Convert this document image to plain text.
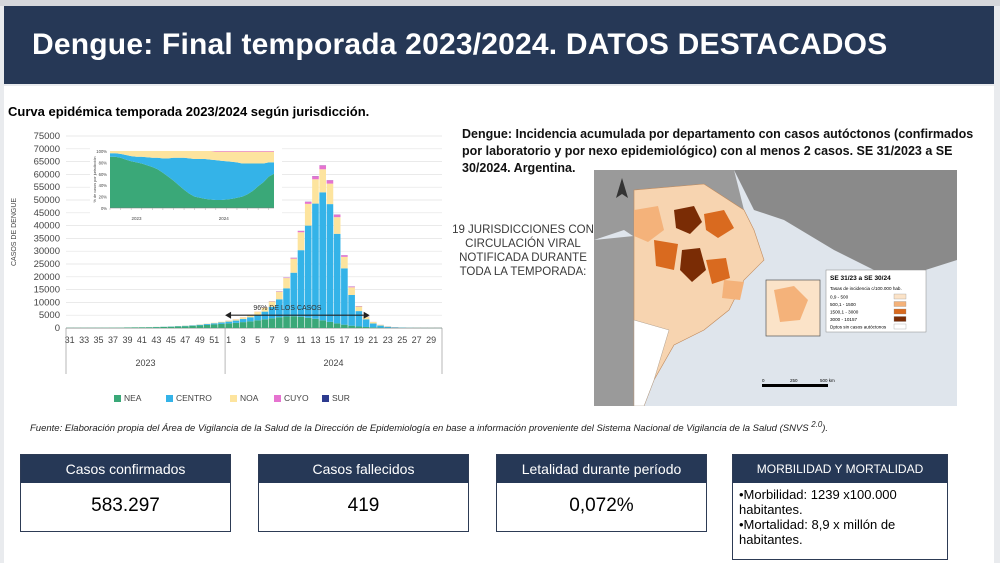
Dengue: Final temporada 2023/2024. DATOS DESTACADOS
Curva epidémica temporada 2023/2024 según jurisdicción.
0
5000
10000
15000
20000
25000
30000
35000
40000
45000
50000
55000
60000
65000
70000
75000
CASOS DE DENGUE
31 33 35 37 39 41 43 45 47 49 51 1 3 5 7 9 11 13 15 17 19 21 23 25 27 29
2023	2024
96% DE LOS CASOS
NEA	CENTRO	NOA	CUYO	SUR
0%
20%
40%
60%
80%
100%
% de casos por jurisdicción
2023	2024
Dengue: Incidencia acumulada por departamento con casos autóctonos (confirmados por laboratorio y por nexo epidemiológico) con al menos 2 casos. SE 31/2023 a SE 30/2024. Argentina.
19 JURISDICCIONES CON CIRCULACIÓN VIRAL NOTIFICADA DURANTE TODA LA TEMPORADA:
SE 31/23 a SE 30/24
Tasas de incidencia c/100.000 hab.
0,9 - 500
500,1 - 1500
1500,1 - 3000
3000 - 10157
Dptos sin casos autóctonos
0	250	500 km
Fuente: Elaboración propia del Área de Vigilancia de la Salud de la Dirección de Epidemiología en base a información proveniente del Sistema Nacional de Vigilancia de la Salud (SNVS $^{2.0}$).
Casos confirmados
583.297
Casos fallecidos
419
Letalidad durante período
0,072%
MORBILIDAD Y MORTALIDAD
•Morbilidad: 1239 x100.000 habitantes.
•Mortalidad: 8,9 x millón de habitantes.
